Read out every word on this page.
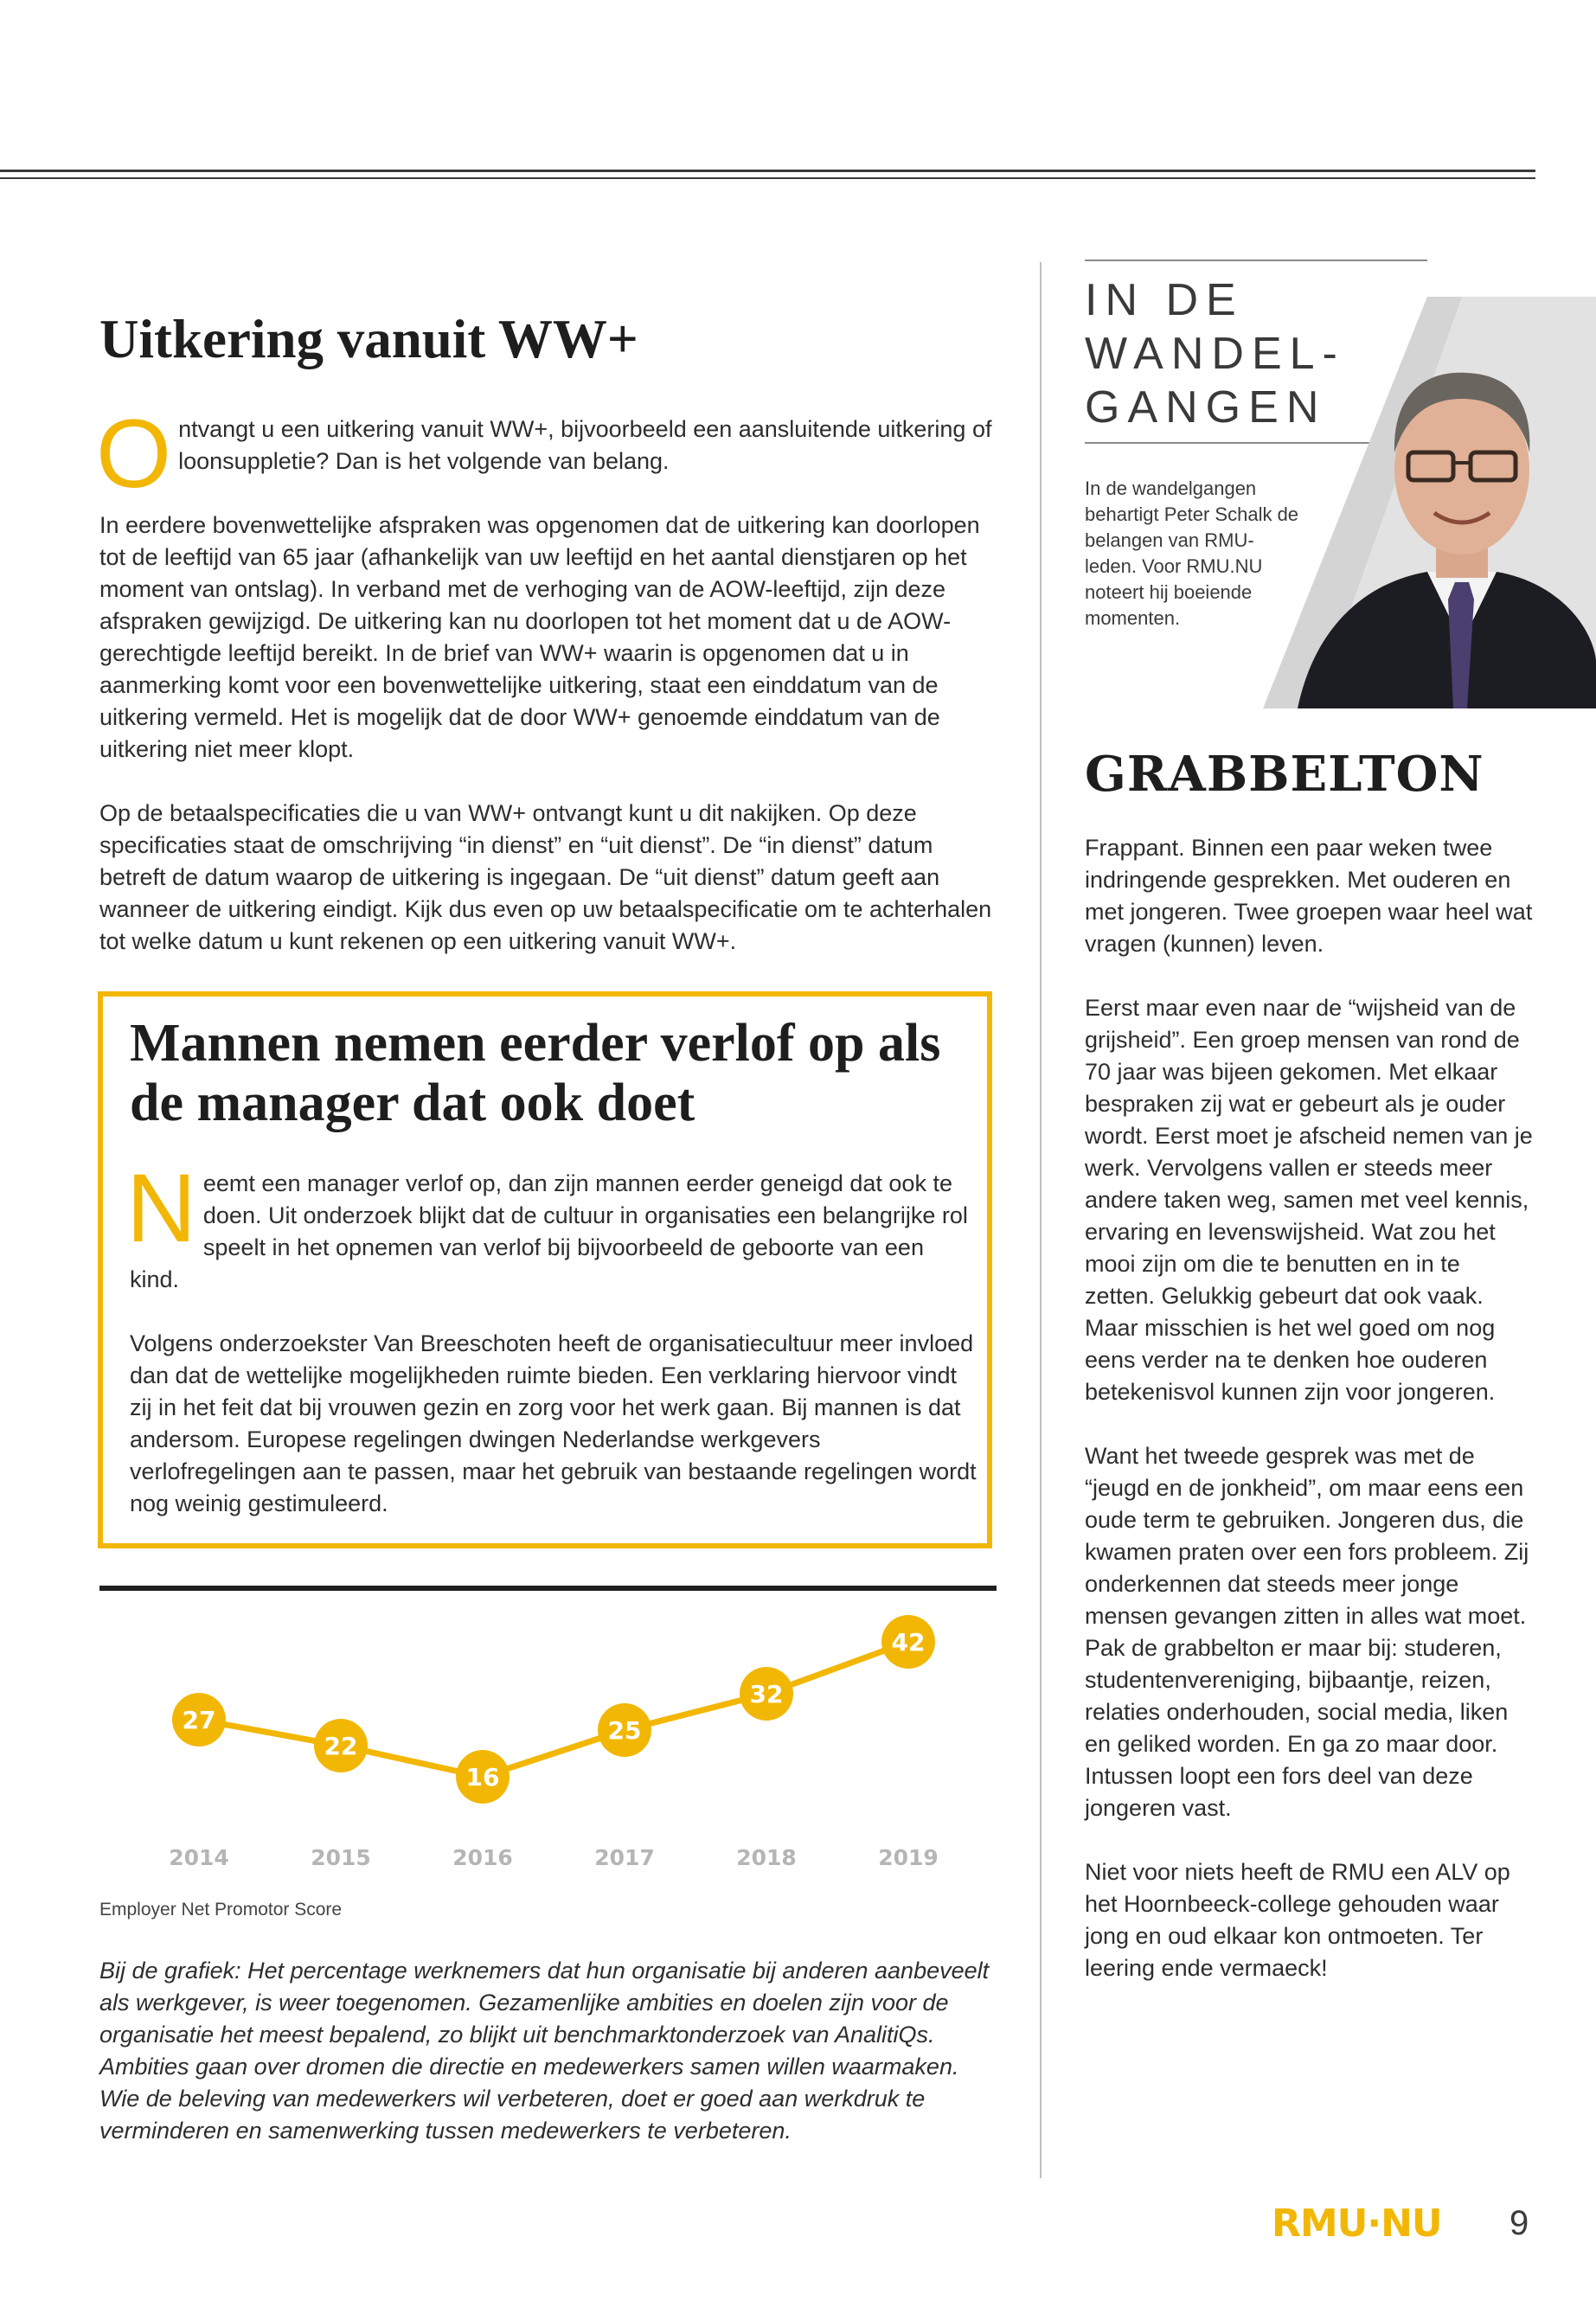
Uitkering vanuit WW+

Ontvangt u een uitkering vanuit WW+, bijvoorbeeld een aansluitende uitkering of loonsuppletie? Dan is het volgende van belang.

In eerdere bovenwettelijke afspraken was opgenomen dat de uitkering kan doorlopen tot de leeftijd van 65 jaar (afhankelijk van uw leeftijd en het aantal dienstjaren op het moment van ontslag). In verband met de verhoging van de AOW-leeftijd, zijn deze afspraken gewijzigd. De uitkering kan nu doorlopen tot het moment dat u de AOW-gerechtigde leeftijd bereikt. In de brief van WW+ waarin is opgenomen dat u in aanmerking komt voor een bovenwettelijke uitkering, staat een einddatum van de uitkering vermeld. Het is mogelijk dat de door WW+ genoemde einddatum van de uitkering niet meer klopt.

Op de betaalspecificaties die u van WW+ ontvangt kunt u dit nakijken. Op deze specificaties staat de omschrijving “in dienst” en “uit dienst”. De “in dienst” datum betreft de datum waarop de uitkering is ingegaan. De “uit dienst” datum geeft aan wanneer de uitkering eindigt. Kijk dus even op uw betaalspecificatie om te achterhalen tot welke datum u kunt rekenen op een uitkering vanuit WW+.

Mannen nemen eerder verlof op als de manager dat ook doet

Neemt een manager verlof op, dan zijn mannen eerder geneigd dat ook te doen. Uit onderzoek blijkt dat de cultuur in organisaties een belangrijke rol speelt in het opnemen van verlof bij bijvoorbeeld de geboorte van een kind.

Volgens onderzoekster Van Breeschoten heeft de organisatiecultuur meer invloed dan dat de wettelijke mogelijkheden ruimte bieden. Een verklaring hiervoor vindt zij in het feit dat bij vrouwen gezin en zorg voor het werk gaan. Bij mannen is dat andersom. Europese regelingen dwingen Nederlandse werkgevers verlofregelingen aan te passen, maar het gebruik van bestaande regelingen wordt nog weinig gestimuleerd.

27
2014
22
2015
16
2016
25
2017
32
2018
42
2019
Employer Net Promotor Score

Bij de grafiek: Het percentage werknemers dat hun organisatie bij anderen aanbeveelt als werkgever, is weer toegenomen. Gezamenlijke ambities en doelen zijn voor de organisatie het meest bepalend, zo blijkt uit benchmarktonderzoek van AnalitiQs. Ambities gaan over dromen die directie en medewerkers samen willen waarmaken. Wie de beleving van medewerkers wil verbeteren, doet er goed aan werkdruk te verminderen en samenwerking tussen medewerkers te verbeteren.

IN DE
WANDEL-
GANGEN

In de wandelgangen behartigt Peter Schalk de belangen van RMU-leden. Voor RMU.NU noteert hij boeiende momenten.

GRABBELTON

Frappant. Binnen een paar weken twee indringende gesprekken. Met ouderen en met jongeren. Twee groepen waar heel wat vragen (kunnen) leven.

Eerst maar even naar de “wijsheid van de grijsheid”. Een groep mensen van rond de 70 jaar was bijeen gekomen. Met elkaar bespraken zij wat er gebeurt als je ouder wordt. Eerst moet je afscheid nemen van je werk. Vervolgens vallen er steeds meer andere taken weg, samen met veel kennis, ervaring en levenswijsheid. Wat zou het mooi zijn om die te benutten en in te zetten. Gelukkig gebeurt dat ook vaak. Maar misschien is het wel goed om nog eens verder na te denken hoe ouderen betekenisvol kunnen zijn voor jongeren.

Want het tweede gesprek was met de “jeugd en de jonkheid”, om maar eens een oude term te gebruiken. Jongeren dus, die kwamen praten over een fors probleem. Zij onderkennen dat steeds meer jonge mensen gevangen zitten in alles wat moet. Pak de grabbelton er maar bij: studeren, studentenvereniging, bijbaantje, reizen, relaties onderhouden, social media, liken en geliked worden. En ga zo maar door. Intussen loopt een fors deel van deze jongeren vast.

Niet voor niets heeft de RMU een ALV op het Hoornbeeck-college gehouden waar jong en oud elkaar kon ontmoeten. Ter leering ende vermaeck!

RMU·NU 9
